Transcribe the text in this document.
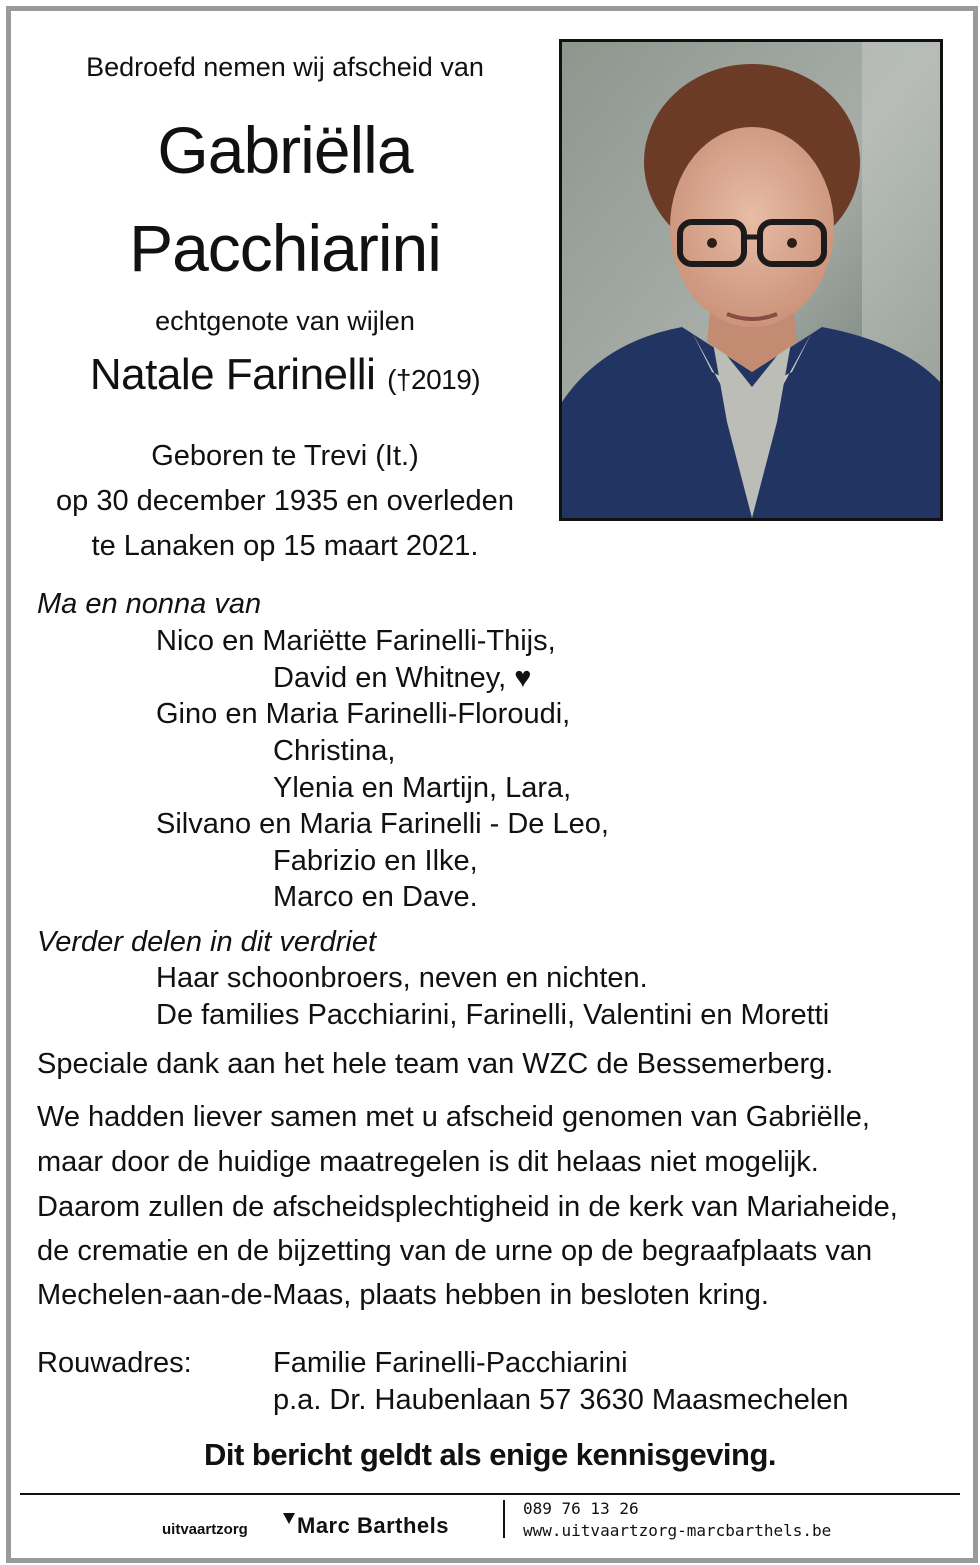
Bedroefd nemen wij afscheid van
Gabriëlla
Pacchiarini
echtgenote van wijlen
Natale Farinelli (†2019)
Geboren te Trevi (It.)
op 30 december 1935 en overleden
te Lanaken op 15 maart 2021.
Ma en nonna van
Nico en Mariëtte Farinelli-Thijs,
David en Whitney, ♥
Gino en Maria Farinelli-Floroudi,
Christina,
Ylenia en Martijn, Lara,
Silvano en Maria Farinelli - De Leo,
Fabrizio en Ilke,
Marco en Dave.
Verder delen in dit verdriet
Haar schoonbroers, neven en nichten.
De families Pacchiarini, Farinelli, Valentini en Moretti
Speciale dank aan het hele team van WZC de Bessemerberg.
We hadden liever samen met u afscheid genomen van Gabriëlle,
maar door de huidige maatregelen is dit helaas niet mogelijk.
Daarom zullen de afscheidsplechtigheid in de kerk van Mariaheide,
de crematie en de bijzetting van de urne op de begraafplaats van
Mechelen-aan-de-Maas, plaats hebben in besloten kring.
Rouwadres:	Familie Farinelli-Pacchiarini
p.a. Dr. Haubenlaan 57 3630 Maasmechelen
Dit bericht geldt als enige kennisgeving.
uitvaartzorg Marc Barthels
089 76 13 26
www.uitvaartzorg-marcbarthels.be
